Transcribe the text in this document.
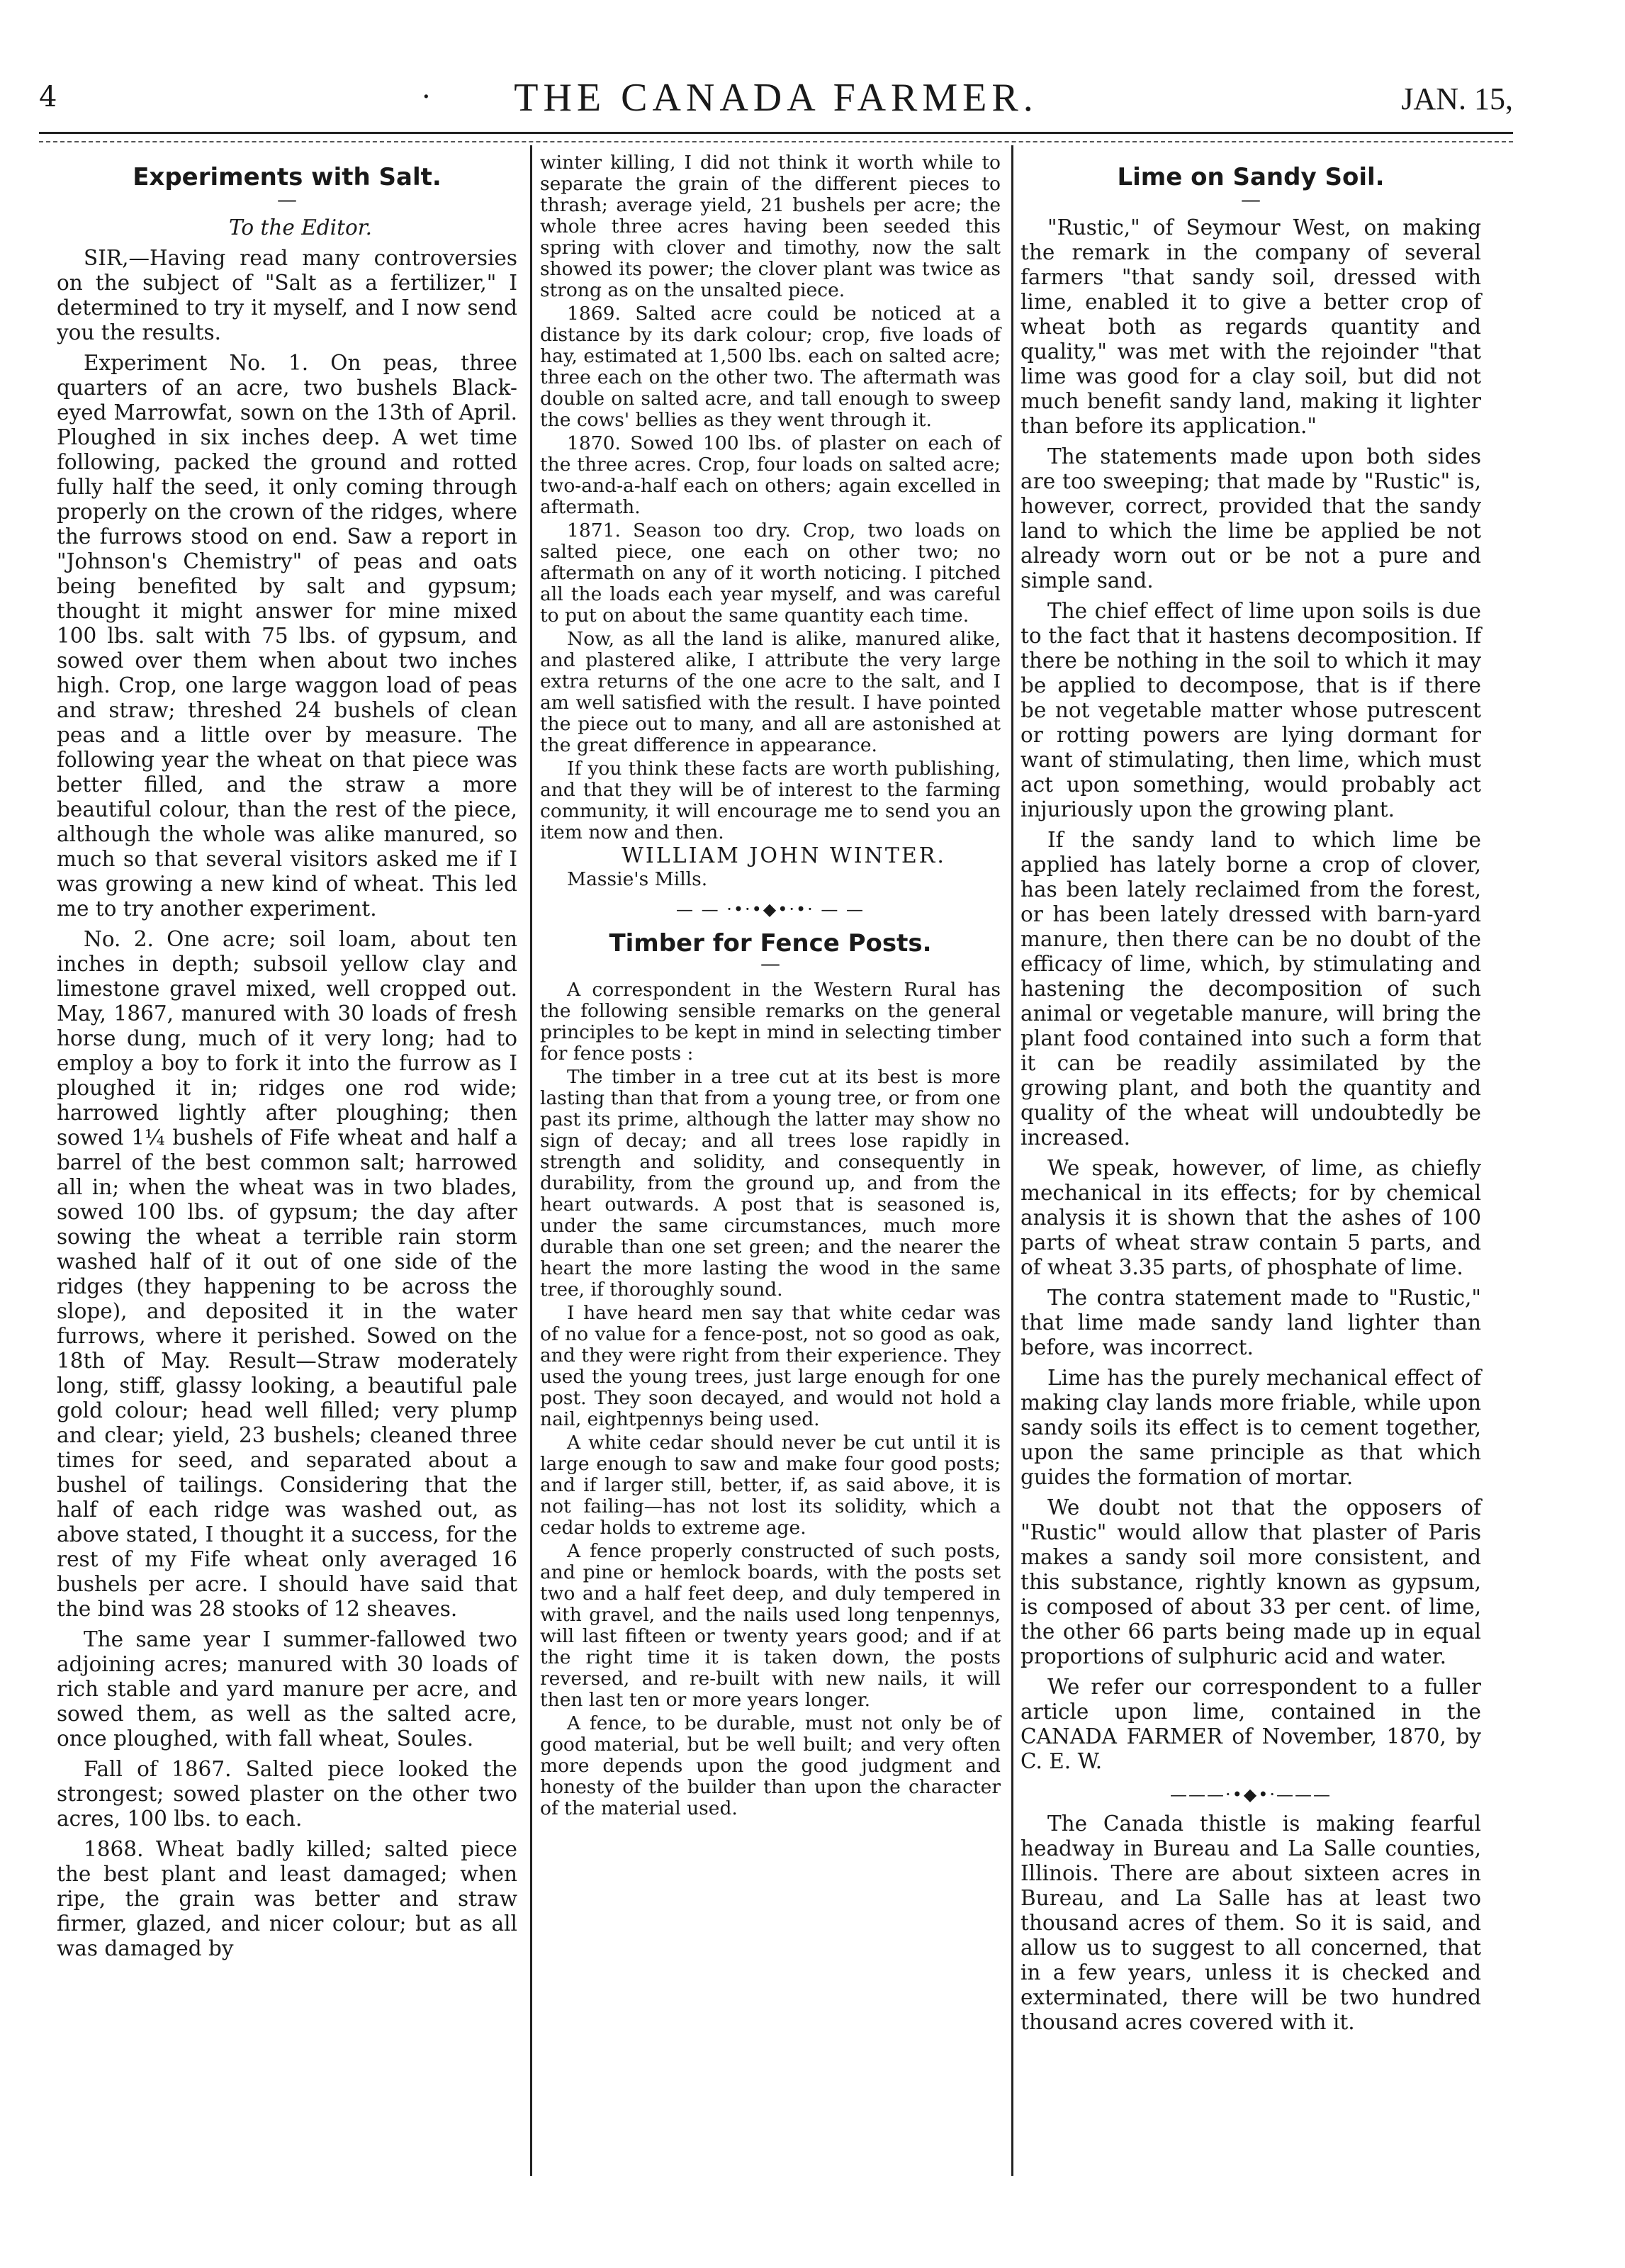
4	·	THE CANADA FARMER.	JAN. 15,
Experiments with Salt.
—

To the Editor.

SIR,—Having read many controversies on the subject of "Salt as a fertilizer," I determined to try it myself, and I now send you the results.

Experiment No. 1. On peas, three quarters of an acre, two bushels Black-eyed Marrowfat, sown on the 13th of April. Ploughed in six inches deep. A wet time following, packed the ground and rotted fully half the seed, it only coming through properly on the crown of the ridges, where the furrows stood on end. Saw a report in "Johnson's Chemistry" of peas and oats being benefited by salt and gypsum; thought it might answer for mine mixed 100 lbs. salt with 75 lbs. of gypsum, and sowed over them when about two inches high. Crop, one large waggon load of peas and straw; threshed 24 bushels of clean peas and a little over by measure. The following year the wheat on that piece was better filled, and the straw a more beautiful colour, than the rest of the piece, although the whole was alike manured, so much so that several visitors asked me if I was growing a new kind of wheat. This led me to try another experiment.

No. 2. One acre; soil loam, about ten inches in depth; subsoil yellow clay and limestone gravel mixed, well cropped out. May, 1867, manured with 30 loads of fresh horse dung, much of it very long; had to employ a boy to fork it into the furrow as I ploughed it in; ridges one rod wide; harrowed lightly after ploughing; then sowed 1¼ bushels of Fife wheat and half a barrel of the best common salt; harrowed all in; when the wheat was in two blades, sowed 100 lbs. of gypsum; the day after sowing the wheat a terrible rain storm washed half of it out of one side of the ridges (they happening to be across the slope), and deposited it in the water furrows, where it perished. Sowed on the 18th of May. Result—Straw moderately long, stiff, glassy looking, a beautiful pale gold colour; head well filled; very plump and clear; yield, 23 bushels; cleaned three times for seed, and separated about a bushel of tailings. Considering that the half of each ridge was washed out, as above stated, I thought it a success, for the rest of my Fife wheat only averaged 16 bushels per acre. I should have said that the bind was 28 stooks of 12 sheaves.

The same year I summer-fallowed two adjoining acres; manured with 30 loads of rich stable and yard manure per acre, and sowed them, as well as the salted acre, once ploughed, with fall wheat, Soules.

Fall of 1867. Salted piece looked the strongest; sowed plaster on the other two acres, 100 lbs. to each.

1868. Wheat badly killed; salted piece the best plant and least damaged; when ripe, the grain was better and straw firmer, glazed, and nicer colour; but as all was damaged by

winter killing, I did not think it worth while to separate the grain of the different pieces to thrash; average yield, 21 bushels per acre; the whole three acres having been seeded this spring with clover and timothy, now the salt showed its power; the clover plant was twice as strong as on the unsalted piece.

1869. Salted acre could be noticed at a distance by its dark colour; crop, five loads of hay, estimated at 1,500 lbs. each on salted acre; three each on the other two. The aftermath was double on salted acre, and tall enough to sweep the cows' bellies as they went through it.

1870. Sowed 100 lbs. of plaster on each of the three acres. Crop, four loads on salted acre; two-and-a-half each on others; again excelled in aftermath.

1871. Season too dry. Crop, two loads on salted piece, one each on other two; no aftermath on any of it worth noticing. I pitched all the loads each year myself, and was careful to put on about the same quantity each time.

Now, as all the land is alike, manured alike, and plastered alike, I attribute the very large extra returns of the one acre to the salt, and I am well satisfied with the result. I have pointed the piece out to many, and all are astonished at the great difference in appearance.

If you think these facts are worth publishing, and that they will be of interest to the farming community, it will encourage me to send you an item now and then.

WILLIAM JOHN WINTER.

Massie's Mills.

— — ·•·•◆•·•· — —
Timber for Fence Posts.
—

A correspondent in the Western Rural has the following sensible remarks on the general principles to be kept in mind in selecting timber for fence posts :

The timber in a tree cut at its best is more lasting than that from a young tree, or from one past its prime, although the latter may show no sign of decay; and all trees lose rapidly in strength and solidity, and consequently in durability, from the ground up, and from the heart outwards. A post that is seasoned is, under the same circumstances, much more durable than one set green; and the nearer the heart the more lasting the wood in the same tree, if thoroughly sound.

I have heard men say that white cedar was of no value for a fence-post, not so good as oak, and they were right from their experience. They used the young trees, just large enough for one post. They soon decayed, and would not hold a nail, eightpennys being used.

A white cedar should never be cut until it is large enough to saw and make four good posts; and if larger still, better, if, as said above, it is not failing—has not lost its solidity, which a cedar holds to extreme age.

A fence properly constructed of such posts, and pine or hemlock boards, with the posts set two and a half feet deep, and duly tempered in with gravel, and the nails used long tenpennys, will last fifteen or twenty years good; and if at the right time it is taken down, the posts reversed, and re-built with new nails, it will then last ten or more years longer.

A fence, to be durable, must not only be of good material, but be well built; and very often more depends upon the good judgment and honesty of the builder than upon the character of the material used.

Lime on Sandy Soil.
—

"Rustic," of Seymour West, on making the remark in the company of several farmers "that sandy soil, dressed with lime, enabled it to give a better crop of wheat both as regards quantity and quality," was met with the rejoinder "that lime was good for a clay soil, but did not much benefit sandy land, making it lighter than before its application."

The statements made upon both sides are too sweeping; that made by "Rustic" is, however, correct, provided that the sandy land to which the lime be applied be not already worn out or be not a pure and simple sand.

The chief effect of lime upon soils is due to the fact that it hastens decomposition. If there be nothing in the soil to which it may be applied to decompose, that is if there be not vegetable matter whose putrescent or rotting powers are lying dormant for want of stimulating, then lime, which must act upon something, would probably act injuriously upon the growing plant.

If the sandy land to which lime be applied has lately borne a crop of clover, has been lately reclaimed from the forest, or has been lately dressed with barn-yard manure, then there can be no doubt of the efficacy of lime, which, by stimulating and hastening the decomposition of such animal or vegetable manure, will bring the plant food contained into such a form that it can be readily assimilated by the growing plant, and both the quantity and quality of the wheat will undoubtedly be increased.

We speak, however, of lime, as chiefly mechanical in its effects; for by chemical analysis it is shown that the ashes of 100 parts of wheat straw contain 5 parts, and of wheat 3.35 parts, of phosphate of lime.

The contra statement made to "Rustic," that lime made sandy land lighter than before, was incorrect.

Lime has the purely mechanical effect of making clay lands more friable, while upon sandy soils its effect is to cement together, upon the same principle as that which guides the formation of mortar.

We doubt not that the opposers of "Rustic" would allow that plaster of Paris makes a sandy soil more consistent, and this substance, rightly known as gypsum, is composed of about 33 per cent. of lime, the other 66 parts being made up in equal proportions of sulphuric acid and water.

We refer our correspondent to a fuller article upon lime, contained in the CANADA FARMER of November, 1870, by C. E. W.

———·•◆•·———

The Canada thistle is making fearful headway in Bureau and La Salle counties, Illinois. There are about sixteen acres in Bureau, and La Salle has at least two thousand acres of them. So it is said, and allow us to suggest to all concerned, that in a few years, unless it is checked and exterminated, there will be two hundred thousand acres covered with it.
